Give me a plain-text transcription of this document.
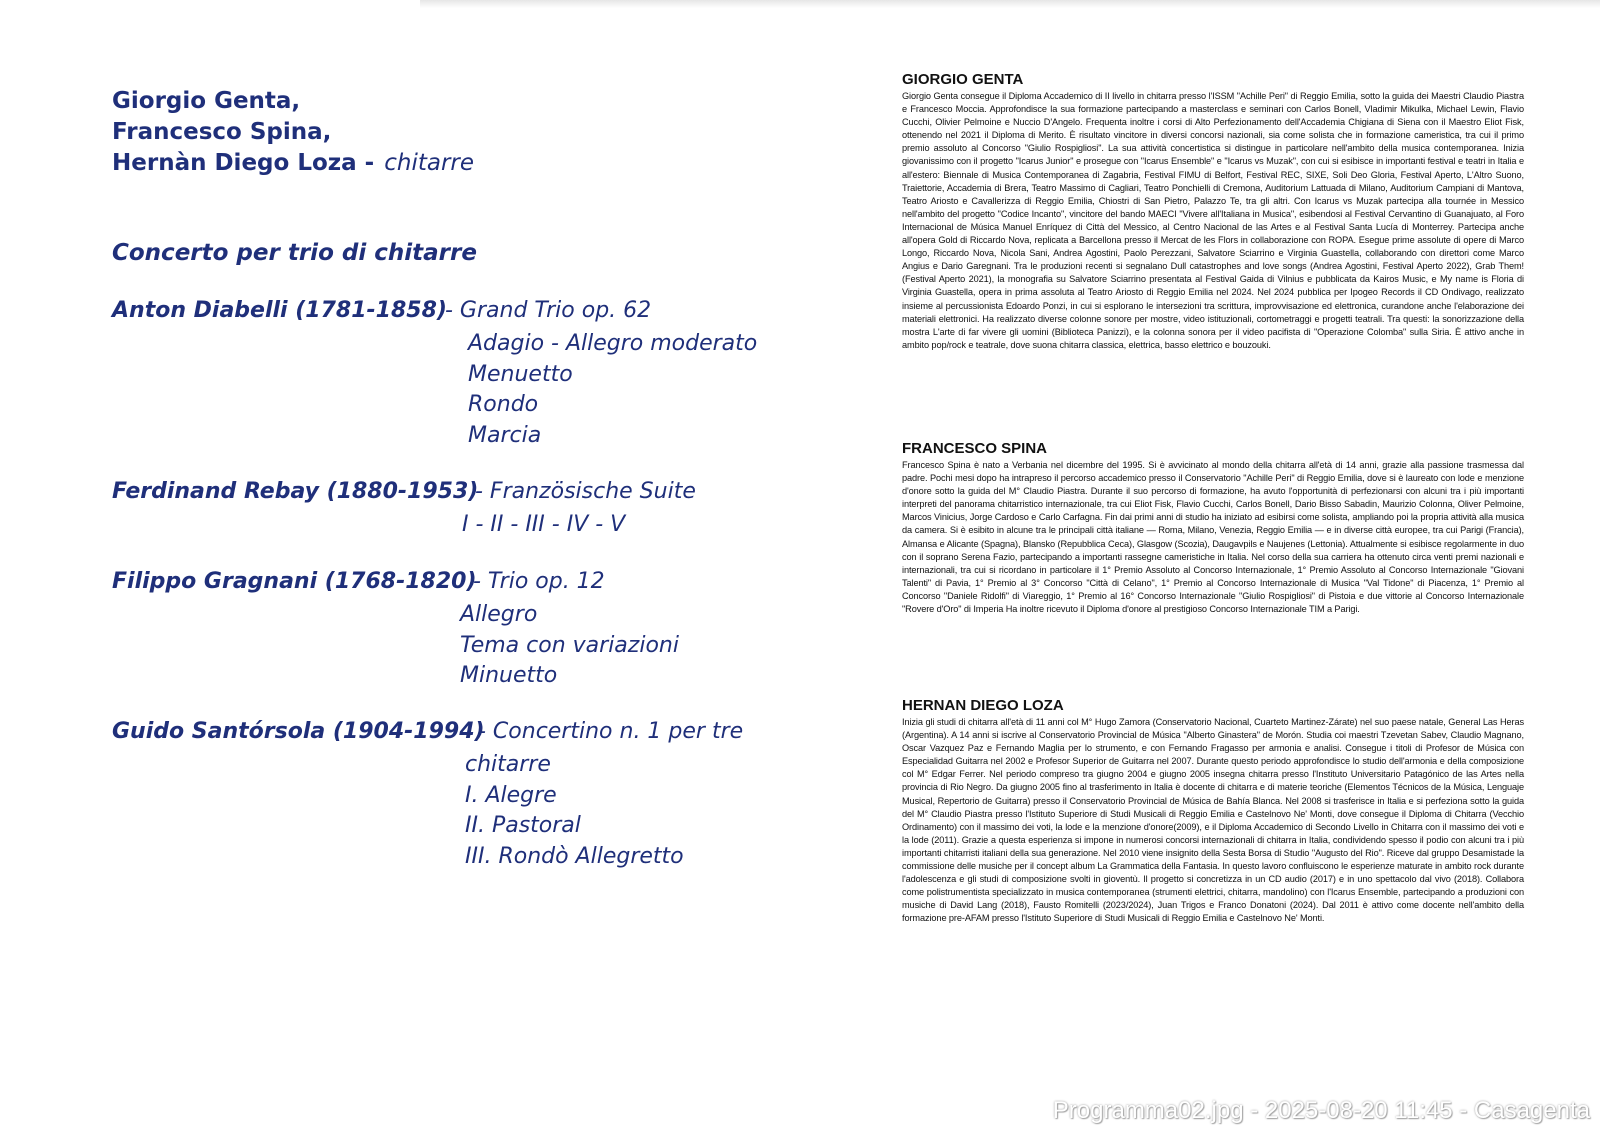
Giorgio Genta,
Francesco Spina,
Hernàn Diego Loza - chitarre
Concerto per trio di chitarre
Anton Diabelli (1781-1858)
- Grand Trio op. 62
Adagio - Allegro moderato
Menuetto
Rondo
Marcia
Ferdinand Rebay (1880-1953)
- Französische Suite
I - II - III - IV - V
Filippo Gragnani (1768-1820)
- Trio op. 12
Allegro
Tema con variazioni
Minuetto
Guido Santórsola (1904-1994)
- Concertino n. 1 per tre
chitarre
I. Alegre
II. Pastoral
III. Rondò Allegretto
GIORGIO GENTA

Giorgio Genta consegue il Diploma Accademico di II livello in chitarra presso l'ISSM "Achille Peri" di Reggio Emilia, sotto la guida dei Maestri Claudio Piastra e Francesco Moccia. Approfondisce la sua formazione partecipando a masterclass e seminari con Carlos Bonell, Vladimir Mikulka, Michael Lewin, Flavio Cucchi, Olivier Pelmoine e Nuccio D'Angelo. Frequenta inoltre i corsi di Alto Perfezionamento dell'Accademia Chigiana di Siena con il Maestro Eliot Fisk, ottenendo nel 2021 il Diploma di Merito. È risultato vincitore in diversi concorsi nazionali, sia come solista che in formazione cameristica, tra cui il primo premio assoluto al Concorso "Giulio Rospigliosi". La sua attività concertistica si distingue in particolare nell'ambito della musica contemporanea. Inizia giovanissimo con il progetto "Icarus Junior" e prosegue con "Icarus Ensemble" e "Icarus vs Muzak", con cui si esibisce in importanti festival e teatri in Italia e all'estero: Biennale di Musica Contemporanea di Zagabria, Festival FIMU di Belfort, Festival REC, SIXE, Soli Deo Gloria, Festival Aperto, L'Altro Suono, Traiettorie, Accademia di Brera, Teatro Massimo di Cagliari, Teatro Ponchielli di Cremona, Auditorium Lattuada di Milano, Auditorium Campiani di Mantova, Teatro Ariosto e Cavallerizza di Reggio Emilia, Chiostri di San Pietro, Palazzo Te, tra gli altri. Con Icarus vs Muzak partecipa alla tournée in Messico nell'ambito del progetto "Codice Incanto", vincitore del bando MAECI "Vivere all'Italiana in Musica", esibendosi al Festival Cervantino di Guanajuato, al Foro Internacional de Música Manuel Enríquez di Città del Messico, al Centro Nacional de las Artes e al Festival Santa Lucía di Monterrey. Partecipa anche all'opera Gold di Riccardo Nova, replicata a Barcellona presso il Mercat de les Flors in collaborazione con ROPA. Esegue prime assolute di opere di Marco Longo, Riccardo Nova, Nicola Sani, Andrea Agostini, Paolo Perezzani, Salvatore Sciarrino e Virginia Guastella, collaborando con direttori come Marco Angius e Dario Garegnani. Tra le produzioni recenti si segnalano Dull catastrophes and love songs (Andrea Agostini, Festival Aperto 2022), Grab Them! (Festival Aperto 2021), la monografia su Salvatore Sciarrino presentata al Festival Gaida di Vilnius e pubblicata da Kairos Music, e My name is Floria di Virginia Guastella, opera in prima assoluta al Teatro Ariosto di Reggio Emilia nel 2024. Nel 2024 pubblica per Ipogeo Records il CD Ondivago, realizzato insieme al percussionista Edoardo Ponzi, in cui si esplorano le intersezioni tra scrittura, improvvisazione ed elettronica, curandone anche l'elaborazione dei materiali elettronici. Ha realizzato diverse colonne sonore per mostre, video istituzionali, cortometraggi e progetti teatrali. Tra questi: la sonorizzazione della mostra L'arte di far vivere gli uomini (Biblioteca Panizzi), e la colonna sonora per il video pacifista di "Operazione Colomba" sulla Siria. È attivo anche in ambito pop/rock e teatrale, dove suona chitarra classica, elettrica, basso elettrico e bouzouki.

FRANCESCO SPINA

Francesco Spina è nato a Verbania nel dicembre del 1995. Si è avvicinato al mondo della chitarra all'età di 14 anni, grazie alla passione trasmessa dal padre. Pochi mesi dopo ha intrapreso il percorso accademico presso il Conservatorio "Achille Peri" di Reggio Emilia, dove si è laureato con lode e menzione d'onore sotto la guida del M° Claudio Piastra. Durante il suo percorso di formazione, ha avuto l'opportunità di perfezionarsi con alcuni tra i più importanti interpreti del panorama chitarristico internazionale, tra cui Eliot Fisk, Flavio Cucchi, Carlos Bonell, Dario Bisso Sabadin, Maurizio Colonna, Oliver Pelmoine, Marcos Vinicius, Jorge Cardoso e Carlo Carfagna. Fin dai primi anni di studio ha iniziato ad esibirsi come solista, ampliando poi la propria attività alla musica da camera. Si è esibito in alcune tra le principali città italiane — Roma, Milano, Venezia, Reggio Emilia — e in diverse città europee, tra cui Parigi (Francia), Almansa e Alicante (Spagna), Blansko (Repubblica Ceca), Glasgow (Scozia), Daugavpils e Naujenes (Lettonia). Attualmente si esibisce regolarmente in duo con il soprano Serena Fazio, partecipando a importanti rassegne cameristiche in Italia. Nel corso della sua carriera ha ottenuto circa venti premi nazionali e internazionali, tra cui si ricordano in particolare il 1° Premio Assoluto al Concorso Internazionale, 1° Premio Assoluto al Concorso Internazionale "Giovani Talenti" di Pavia, 1° Premio al 3° Concorso "Città di Celano", 1° Premio al Concorso Internazionale di Musica "Val Tidone" di Piacenza, 1° Premio al Concorso "Daniele Ridolfi" di Viareggio, 1° Premio al 16° Concorso Internazionale "Giulio Rospigliosi" di Pistoia e due vittorie al Concorso Internazionale "Rovere d'Oro" di Imperia Ha inoltre ricevuto il Diploma d'onore al prestigioso Concorso Internazionale TIM a Parigi.

HERNAN DIEGO LOZA

Inizia gli studi di chitarra all'età di 11 anni col M° Hugo Zamora (Conservatorio Nacional, Cuarteto Martinez-Zárate) nel suo paese natale, General Las Heras (Argentina). A 14 anni si iscrive al Conservatorio Provincial de Música "Alberto Ginastera" de Morón. Studia coi maestri Tzevetan Sabev, Claudio Magnano, Oscar Vazquez Paz e Fernando Maglia per lo strumento, e con Fernando Fragasso per armonia e analisi. Consegue i titoli di Profesor de Música con Especialidad Guitarra nel 2002 e Profesor Superior de Guitarra nel 2007. Durante questo periodo approfondisce lo studio dell'armonia e della composizione col M° Edgar Ferrer. Nel periodo compreso tra giugno 2004 e giugno 2005 insegna chitarra presso l'Instituto Universitario Patagónico de las Artes nella provincia di Rio Negro. Da giugno 2005 fino al trasferimento in Italia è docente di chitarra e di materie teoriche (Elementos Técnicos de la Música, Lenguaje Musical, Repertorio de Guitarra) presso il Conservatorio Provincial de Música de Bahía Blanca. Nel 2008 si trasferisce in Italia e si perfeziona sotto la guida del M° Claudio Piastra presso l'Istituto Superiore di Studi Musicali di Reggio Emilia e Castelnovo Ne' Monti, dove consegue il Diploma di Chitarra (Vecchio Ordinamento) con il massimo dei voti, la lode e la menzione d'onore(2009), e il Diploma Accademico di Secondo Livello in Chitarra con il massimo dei voti e la lode (2011). Grazie a questa esperienza si impone in numerosi concorsi internazionali di chitarra in Italia, condividendo spesso il podio con alcuni tra i più importanti chitarristi italiani della sua generazione. Nel 2010 viene insignito della Sesta Borsa di Studio "Augusto del Rio". Riceve dal gruppo Desamistade la commissione delle musiche per il concept album La Grammatica della Fantasia. In questo lavoro confluiscono le esperienze maturate in ambito rock durante l'adolescenza e gli studi di composizione svolti in gioventù. Il progetto si concretizza in un CD audio (2017) e in uno spettacolo dal vivo (2018). Collabora come polistrumentista specializzato in musica contemporanea (strumenti elettrici, chitarra, mandolino) con l'Icarus Ensemble, partecipando a produzioni con musiche di David Lang (2018), Fausto Romitelli (2023/2024), Juan Trigos e Franco Donatoni (2024). Dal 2011 è attivo come docente nell'ambito della formazione pre-AFAM presso l'Istituto Superiore di Studi Musicali di Reggio Emilia e Castelnovo Ne' Monti.

Programma02.jpg - 2025-08-20 11:45 - Casagenta
